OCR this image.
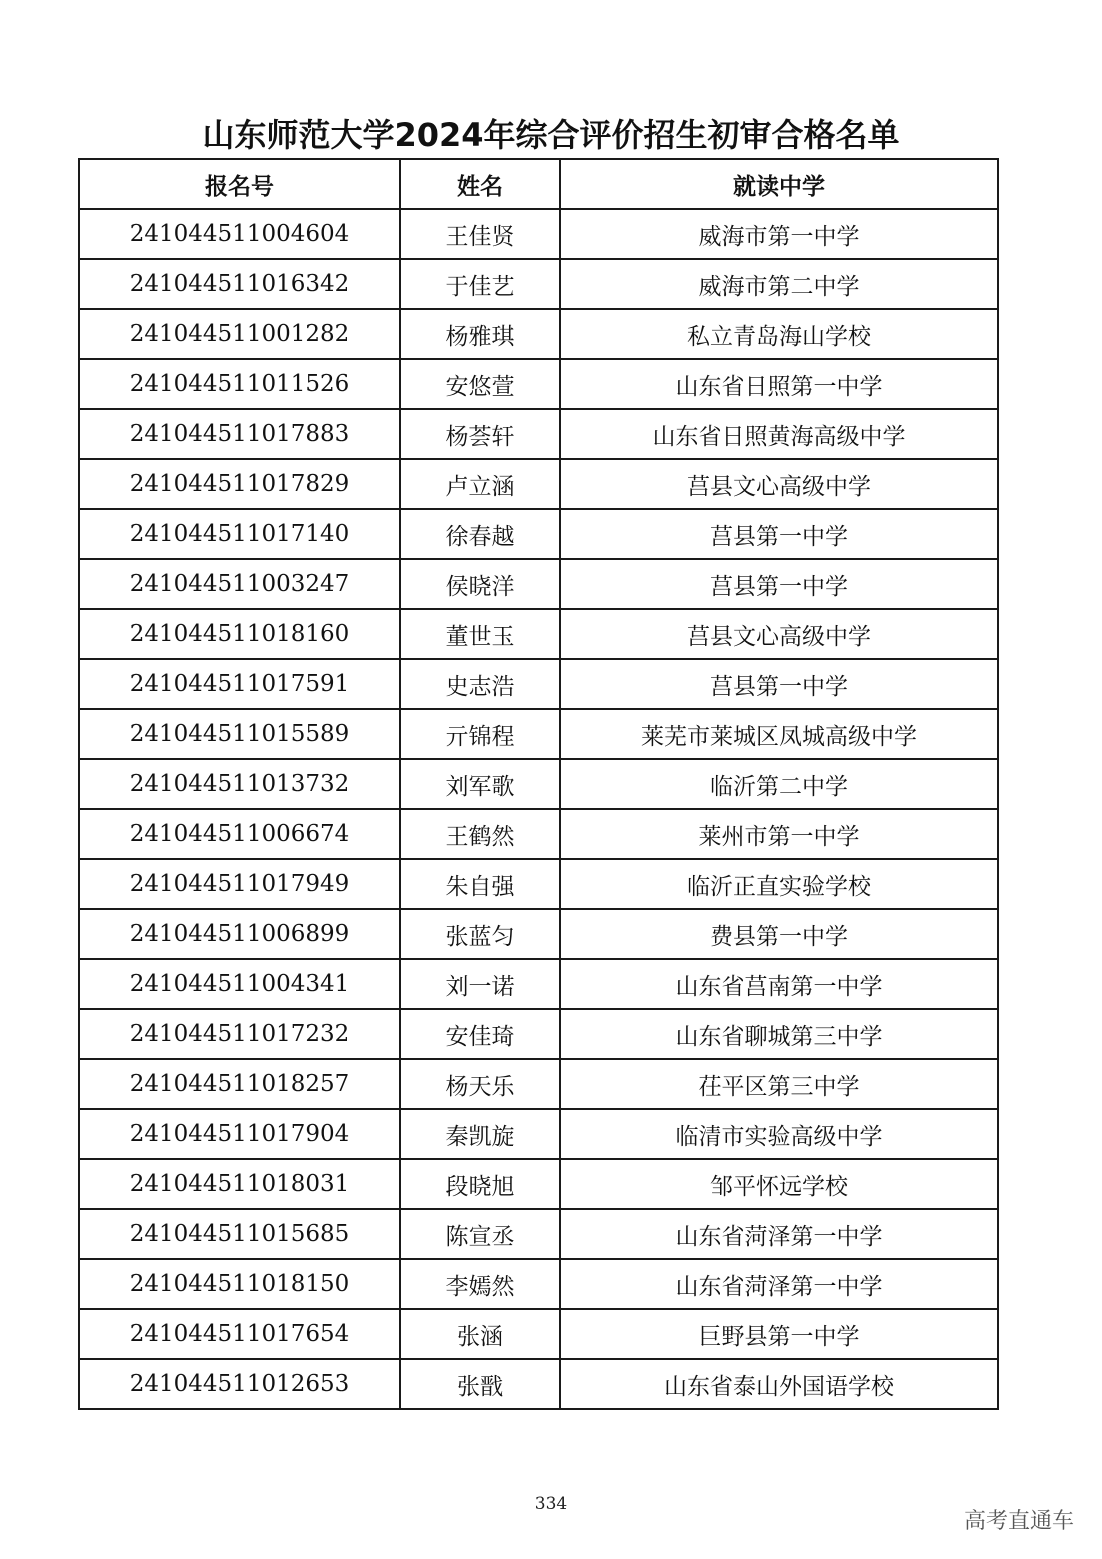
山东师范大学2024年综合评价招生初审合格名单
报名号	姓名	就读中学
241044511004604	王佳贤	威海市第一中学
241044511016342	于佳艺	威海市第二中学
241044511001282	杨雅琪	私立青岛海山学校
241044511011526	安悠萱	山东省日照第一中学
241044511017883	杨荟轩	山东省日照黄海高级中学
241044511017829	卢立涵	莒县文心高级中学
241044511017140	徐春越	莒县第一中学
241044511003247	侯晓洋	莒县第一中学
241044511018160	董世玉	莒县文心高级中学
241044511017591	史志浩	莒县第一中学
241044511015589	亓锦程	莱芜市莱城区凤城高级中学
241044511013732	刘军歌	临沂第二中学
241044511006674	王鹤然	莱州市第一中学
241044511017949	朱自强	临沂正直实验学校
241044511006899	张蓝匀	费县第一中学
241044511004341	刘一诺	山东省莒南第一中学
241044511017232	安佳琦	山东省聊城第三中学
241044511018257	杨天乐	茌平区第三中学
241044511017904	秦凯旋	临清市实验高级中学
241044511018031	段晓旭	邹平怀远学校
241044511015685	陈宣丞	山东省菏泽第一中学
241044511018150	李嫣然	山东省菏泽第一中学
241044511017654	张涵	巨野县第一中学
241044511012653	张戬	山东省泰山外国语学校
334
高考直通车
